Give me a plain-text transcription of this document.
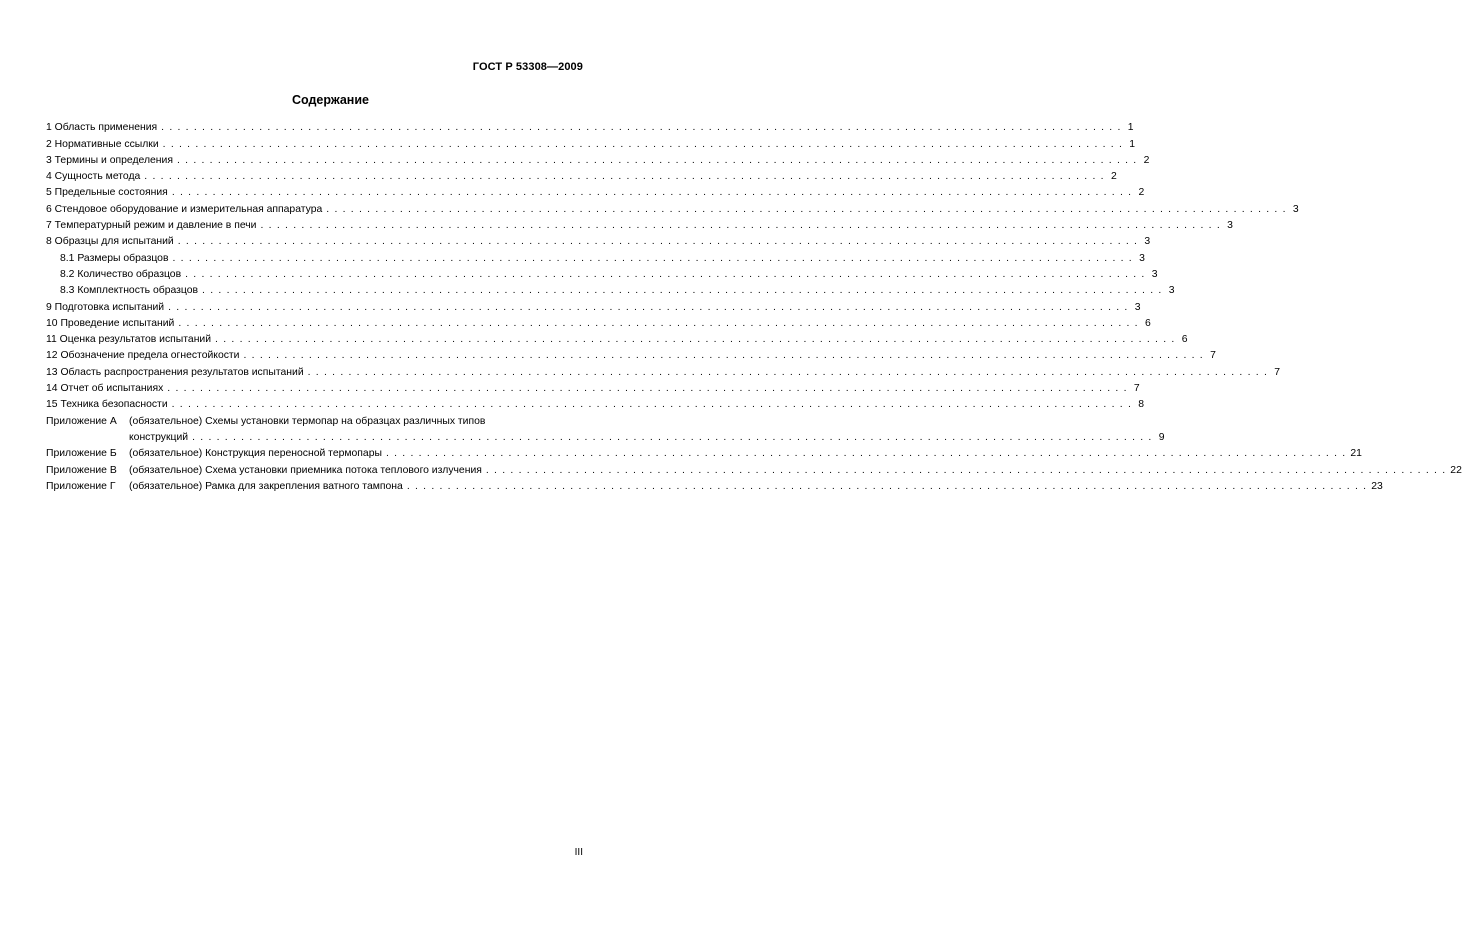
ГОСТ Р 53308—2009
Содержание
1 Область применения . . .	1
2 Нормативные ссылки . . .	1
3 Термины и определения . . .	2
4 Сущность метода . . .	2
5 Предельные состояния . . .	2
6 Стендовое оборудование и измерительная аппаратура . . .	3
7 Температурный режим и давление в печи . . .	3
8 Образцы для испытаний . . .	3
8.1 Размеры образцов . . .	3
8.2 Количество образцов . . .	3
8.3 Комплектность образцов . . .	3
9 Подготовка испытаний . . .	3
10 Проведение испытаний . . .	6
11 Оценка результатов испытаний . . .	6
12 Обозначение предела огнестойкости . . .	7
13 Область распространения результатов испытаний . . .	7
14 Отчет об испытаниях . . .	7
15 Техника безопасности . . .	8
Приложение А	(обязательное) Схемы установки термопар на образцах различных типов
конструкций . . .	9
Приложение Б	(обязательное) Конструкция переносной термопары . . .	21
Приложение В	(обязательное) Схема установки приемника потока теплового излучения . . .	22
Приложение Г	(обязательное) Рамка для закрепления ватного тампона . . .	23
III
